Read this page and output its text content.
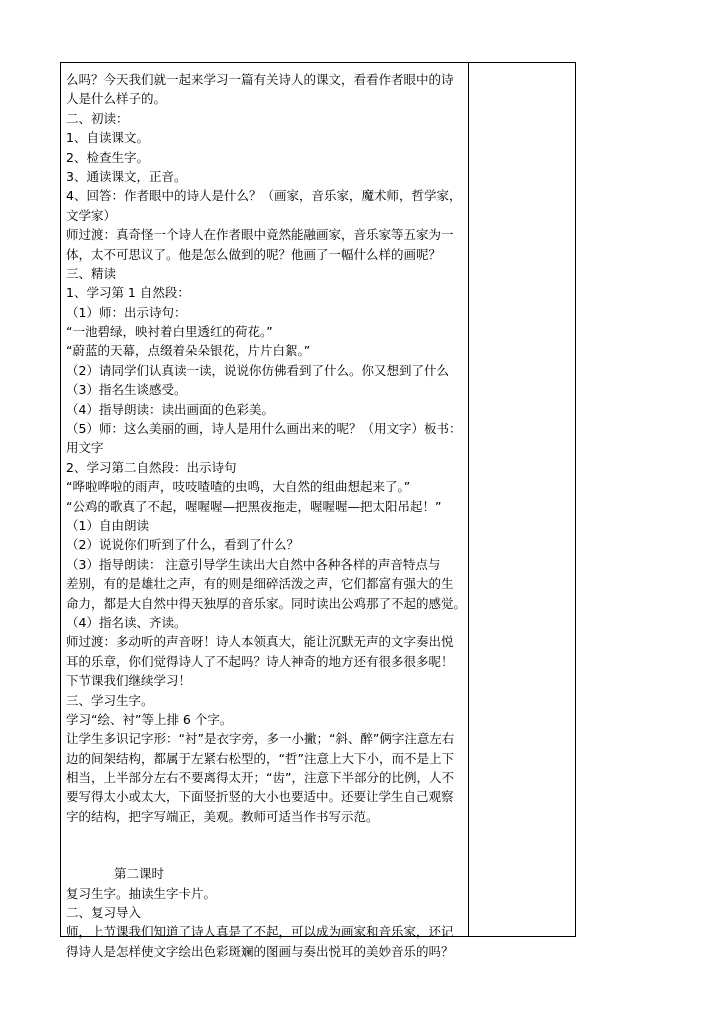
么吗？今天我们就一起来学习一篇有关诗人的课文，看看作者眼中的诗
人是什么样子的。
二、初读：
1、自读课文。
2、检查生字。
3、通读课文，正音。
4、回答：作者眼中的诗人是什么？（画家，音乐家，魔术师，哲学家，
文学家）
师过渡：真奇怪一个诗人在作者眼中竟然能融画家，音乐家等五家为一
体，太不可思议了。他是怎么做到的呢？他画了一幅什么样的画呢？
三、精读
1、学习第 1 自然段：
（1）师：出示诗句：
“一池碧绿，映衬着白里透红的荷花。”
“蔚蓝的天幕，点缀着朵朵银花，片片白絮。”
（2）请同学们认真读一读，说说你仿佛看到了什么。你又想到了什么
（3）指名生谈感受。
（4）指导朗读：读出画面的色彩美。
（5）师：这么美丽的画，诗人是用什么画出来的呢？（用文字）板书：
用文字
2、学习第二自然段：出示诗句
“哗啦哗啦的雨声，吱吱喳喳的虫鸣，大自然的组曲想起来了。”
“公鸡的歌真了不起，喔喔喔—把黑夜拖走，喔喔喔—把太阳吊起！”
（1）自由朗读
（2）说说你们听到了什么，看到了什么？
（3）指导朗读： 注意引导学生读出大自然中各种各样的声音特点与
差别，有的是雄壮之声，有的则是细碎活泼之声，它们都富有强大的生
命力，都是大自然中得天独厚的音乐家。同时读出公鸡那了不起的感觉。
（4）指名读、齐读。
师过渡：多动听的声音呀！诗人本领真大，能让沉默无声的文字奏出悦
耳的乐章，你们觉得诗人了不起吗？诗人神奇的地方还有很多很多呢！
下节课我们继续学习！
三、学习生字。
学习“绘、衬”等上排 6 个字。
让学生多识记字形：“衬”是衣字旁，多一小撇；“斜、醉”俩字注意左右
边的间架结构，都属于左紧右松型的，“哲”注意上大下小，而不是上下
相当，上半部分左右不要离得太开；“齿”，注意下半部分的比例，人不
要写得太小或太大，下面竖折竖的大小也要适中。还要让学生自己观察
字的结构，把字写端正，美观。教师可适当作书写示范。
第二课时
复习生字。抽读生字卡片。
二、复习导入
师，上节课我们知道了诗人真是了不起，可以成为画家和音乐家，还记
得诗人是怎样使文字绘出色彩斑斓的图画与奏出悦耳的美妙音乐的吗？
